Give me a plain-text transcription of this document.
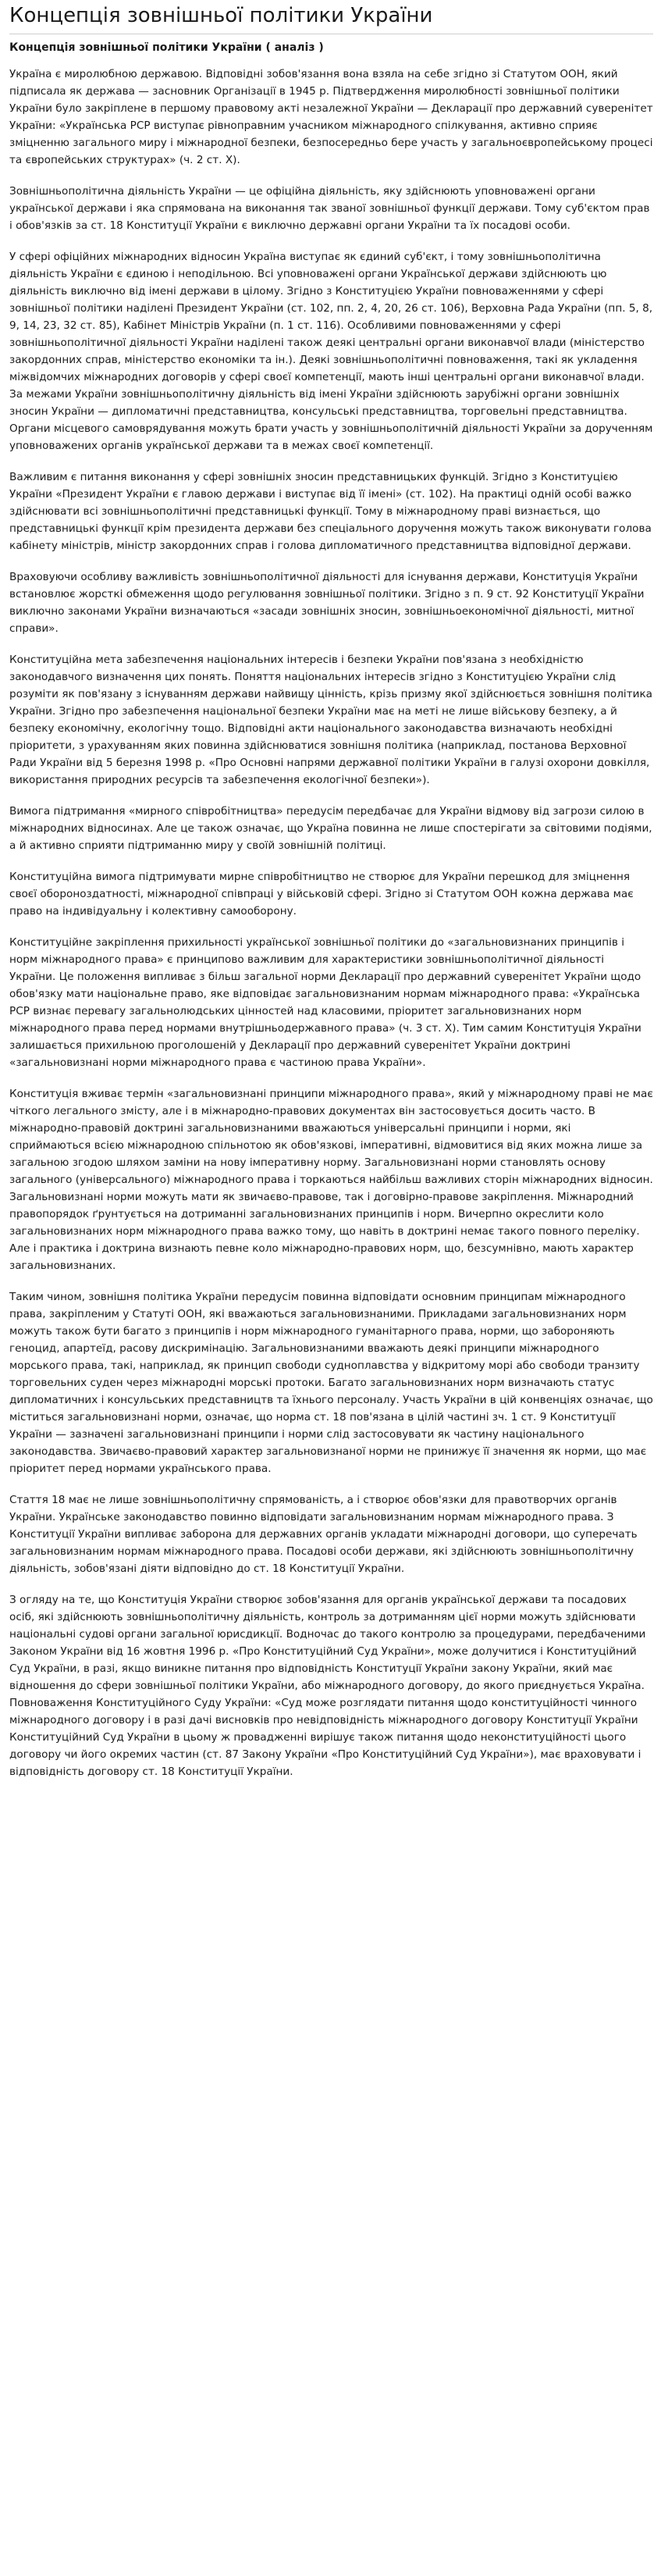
Концепція зовнішньої політики України
Концепція зовнішньої політики України ( аналіз )

Україна є миролюбною державою. Відповідні зобов'язання вона взяла на себе згідно зі Статутом ООН, який підписала як держава — засновник Організації в 1945 р. Підтвердження миролюбності зовнішньої політики України було закріплене в першому правовому акті незалежної України — Декларації про державний суверенітет України: «Українська РСР виступає рівноправним учасником міжнародного спілкування, активно сприяє зміцненню загального миру і міжнародної безпеки, безпосередньо бере участь у загальноєвропейському процесі та європейських структурах» (ч. 2 ст. X).

Зовнішньополітична діяльність України — це офіційна діяльність, яку здійснюють уповноважені органи української держави і яка спрямована на виконання так званої зовнішньої функції держави. Тому суб'єктом прав і обов'язків за ст. 18 Конституції України є виключно державні органи України та їх посадові особи.

У сфері офіційних міжнародних відносин Україна виступає як єдиний суб'єкт, і тому зовнішньополітична діяльність України є єдиною і неподільною. Всі уповноважені органи Української держави здійснюють цю діяльність виключно від імені держави в цілому. Згідно з Конституцією України повноваженнями у сфері зовнішньої політики наділені Президент України (ст. 102, пп. 2, 4, 20, 26 ст. 106), Верховна Рада України (пп. 5, 8, 9, 14, 23, 32 ст. 85), Кабінет Міністрів України (п. 1 ст. 116). Особливими повноваженнями у сфері зовнішньополітичної діяльності України наділені також деякі центральні органи виконавчої влади (міністерство закордонних справ, міністерство економіки та ін.). Деякі зовнішньополітичні повноваження, такі як укладення міжвідомчих міжнародних договорів у сфері своєї компетенції, мають інші центральні органи виконавчої влади. За межами України зовнішньополітичну діяльність від імені України здійснюють зарубіжні органи зовнішніх зносин України — дипломатичні представництва, консульські представництва, торговельні представництва. Органи місцевого самоврядування можуть брати участь у зовнішньополітичній діяльності України за дорученням уповноважених органів української держави та в межах своєї компетенції.

Важливим є питання виконання у сфері зовнішніх зносин представницьких функцій. Згідно з Конституцією України «Президент України є главою держави і виступає від її імені» (ст. 102). На практиці одній особі важко здійснювати всі зовнішньополітичні представницькі функції. Тому в міжнародному праві визнається, що представницькі функції крім президента держави без спеціального доручення можуть також виконувати голова кабінету міністрів, міністр закордонних справ і голова дипломатичного представництва відповідної держави.

Враховуючи особливу важливість зовнішньополітичної діяльності для існування держави, Конституція України встановлює жорсткі обмеження щодо регулювання зовнішньої політики. Згідно з п. 9 ст. 92 Конституції України виключно законами України визначаються «засади зовнішніх зносин, зовнішньоекономічної діяльності, митної справи».

Конституційна мета забезпечення національних інтересів і безпеки України пов'язана з необхідністю законодавчого визначення цих понять. Поняття національних інтересів згідно з Конституцією України слід розуміти як пов'язану з існуванням держави найвищу цінність, крізь призму якої здійснюється зовнішня політика України. Згідно про забезпечення національної безпеки України має на меті не лише військову безпеку, а й безпеку економічну, екологічну тощо. Відповідні акти національного законодавства визначають необхідні пріоритети, з урахуванням яких повинна здійснюватися зовнішня політика (наприклад, постанова Верховної Ради України від 5 березня 1998 р. «Про Основні напрями державної політики України в галузі охорони довкілля, використання природних ресурсів та забезпечення екологічної безпеки»).

Вимога підтримання «мирного співробітництва» передусім передбачає для України відмову від загрози силою в міжнародних відносинах. Але це також означає, що Україна повинна не лише спостерігати за світовими подіями, а й активно сприяти підтриманню миру у своїй зовнішній політиці.

Конституційна вимога підтримувати мирне співробітництво не створює для України перешкод для зміцнення своєї обороноздатності, міжнародної співпраці у військовій сфері. Згідно зі Статутом ООН кожна держава має право на індивідуальну і колективну самооборону.

Конституційне закріплення прихильності української зовнішньої політики до «загальновизнаних принципів і норм міжнародного права» є принципово важливим для характеристики зовнішньополітичної діяльності України. Це положення випливає з більш загальної норми Декларації про державний суверенітет України щодо обов'язку мати національне право, яке відповідає загальновизнаним нормам міжнародного права: «Українська РСР визнає перевагу загальнолюдських цінностей над класовими, пріоритет загальновизнаних норм міжнародного права перед нормами внутрішньодержавного права» (ч. 3 ст. X). Тим самим Конституція України залишається прихильною проголошеній у Декларації про державний суверенітет України доктрині «загальновизнані норми міжнародного права є частиною права України».

Конституція вживає термін «загальновизнані принципи міжнародного права», який у міжнародному праві не має чіткого легального змісту, але і в міжнародно-правових документах він застосовується досить часто. В міжнародно-правовій доктрині загальновизнаними вважаються універсальні принципи і норми, які сприймаються всією міжнародною спільнотою як обов'язкові, імперативні, відмовитися від яких можна лише за загальною згодою шляхом заміни на нову імперативну норму. Загальновизнані норми становлять основу загального (універсального) міжнародного права і торкаються найбільш важливих сторін міжнародних відносин. Загальновизнані норми можуть мати як звичаєво-правове, так і договірно-правове закріплення. Міжнародний правопорядок ґрунтується на дотриманні загальновизнаних принципів і норм. Вичерпно окреслити коло загальновизнаних норм міжнародного права важко тому, що навіть в доктрині немає такого повного переліку. Але і практика і доктрина визнають певне коло міжнародно-правових норм, що, безсумнівно, мають характер загальновизнаних.

Таким чином, зовнішня політика України передусім повинна відповідати основним принципам міжнародного права, закріпленим у Статуті ООН, які вважаються загальновизнаними. Прикладами загальновизнаних норм можуть також бути багато з принципів і норм міжнародного гуманітарного права, норми, що забороняють геноцид, апартеїд, расову дискримінацію. Загальновизнаними вважають деякі принципи міжнародного морського права, такі, наприклад, як принцип свободи судноплавства у відкритому морі або свободи транзиту торговельних суден через міжнародні морські протоки. Багато загальновизнаних норм визначають статус дипломатичних і консульських представництв та їхнього персоналу. Участь України в цій конвенціях означає, що міститься загальновизнані норми, означає, що норма ст. 18 пов'язана в цілій частині зч. 1 ст. 9 Конституції України — зазначені загальновизнані принципи і норми слід застосовувати як частину національного законодавства. Звичаєво-правовий характер загальновизнаної норми не принижує її значення як норми, що має пріоритет перед нормами українського права.

Стаття 18 має не лише зовнішньополітичну спрямованість, а і створює обов'язки для правотворчих органів України. Українське законодавство повинно відповідати загальновизнаним нормам міжнародного права. З Конституції України випливає заборона для державних органів укладати міжнародні договори, що суперечать загальновизнаним нормам міжнародного права. Посадові особи держави, які здійснюють зовнішньополітичну діяльність, зобов'язані діяти відповідно до ст. 18 Конституції України.

З огляду на те, що Конституція України створює зобов'язання для органів української держави та посадових осіб, які здійснюють зовнішньополітичну діяльність, контроль за дотриманням цієї норми можуть здійснювати національні судові органи загальної юрисдикції. Водночас до такого контролю за процедурами, передбаченими Законом України від 16 жовтня 1996 р. «Про Конституційний Суд України», може долучитися і Конституційний Суд України, в разі, якщо виникне питання про відповідність Конституції України закону України, який має відношення до сфери зовнішньої політики України, або міжнародного договору, до якого приєднується Україна. Повноваження Конституційного Суду України: «Суд може розглядати питання щодо конституційності чинного міжнародного договору і в разі дачі висновків про невідповідність міжнародного договору Конституції України Конституційний Суд України в цьому ж провадженні вирішує також питання щодо неконституційності цього договору чи його окремих частин (ст. 87 Закону України «Про Конституційний Суд України»), має враховувати і відповідність договору ст. 18 Конституції України.
